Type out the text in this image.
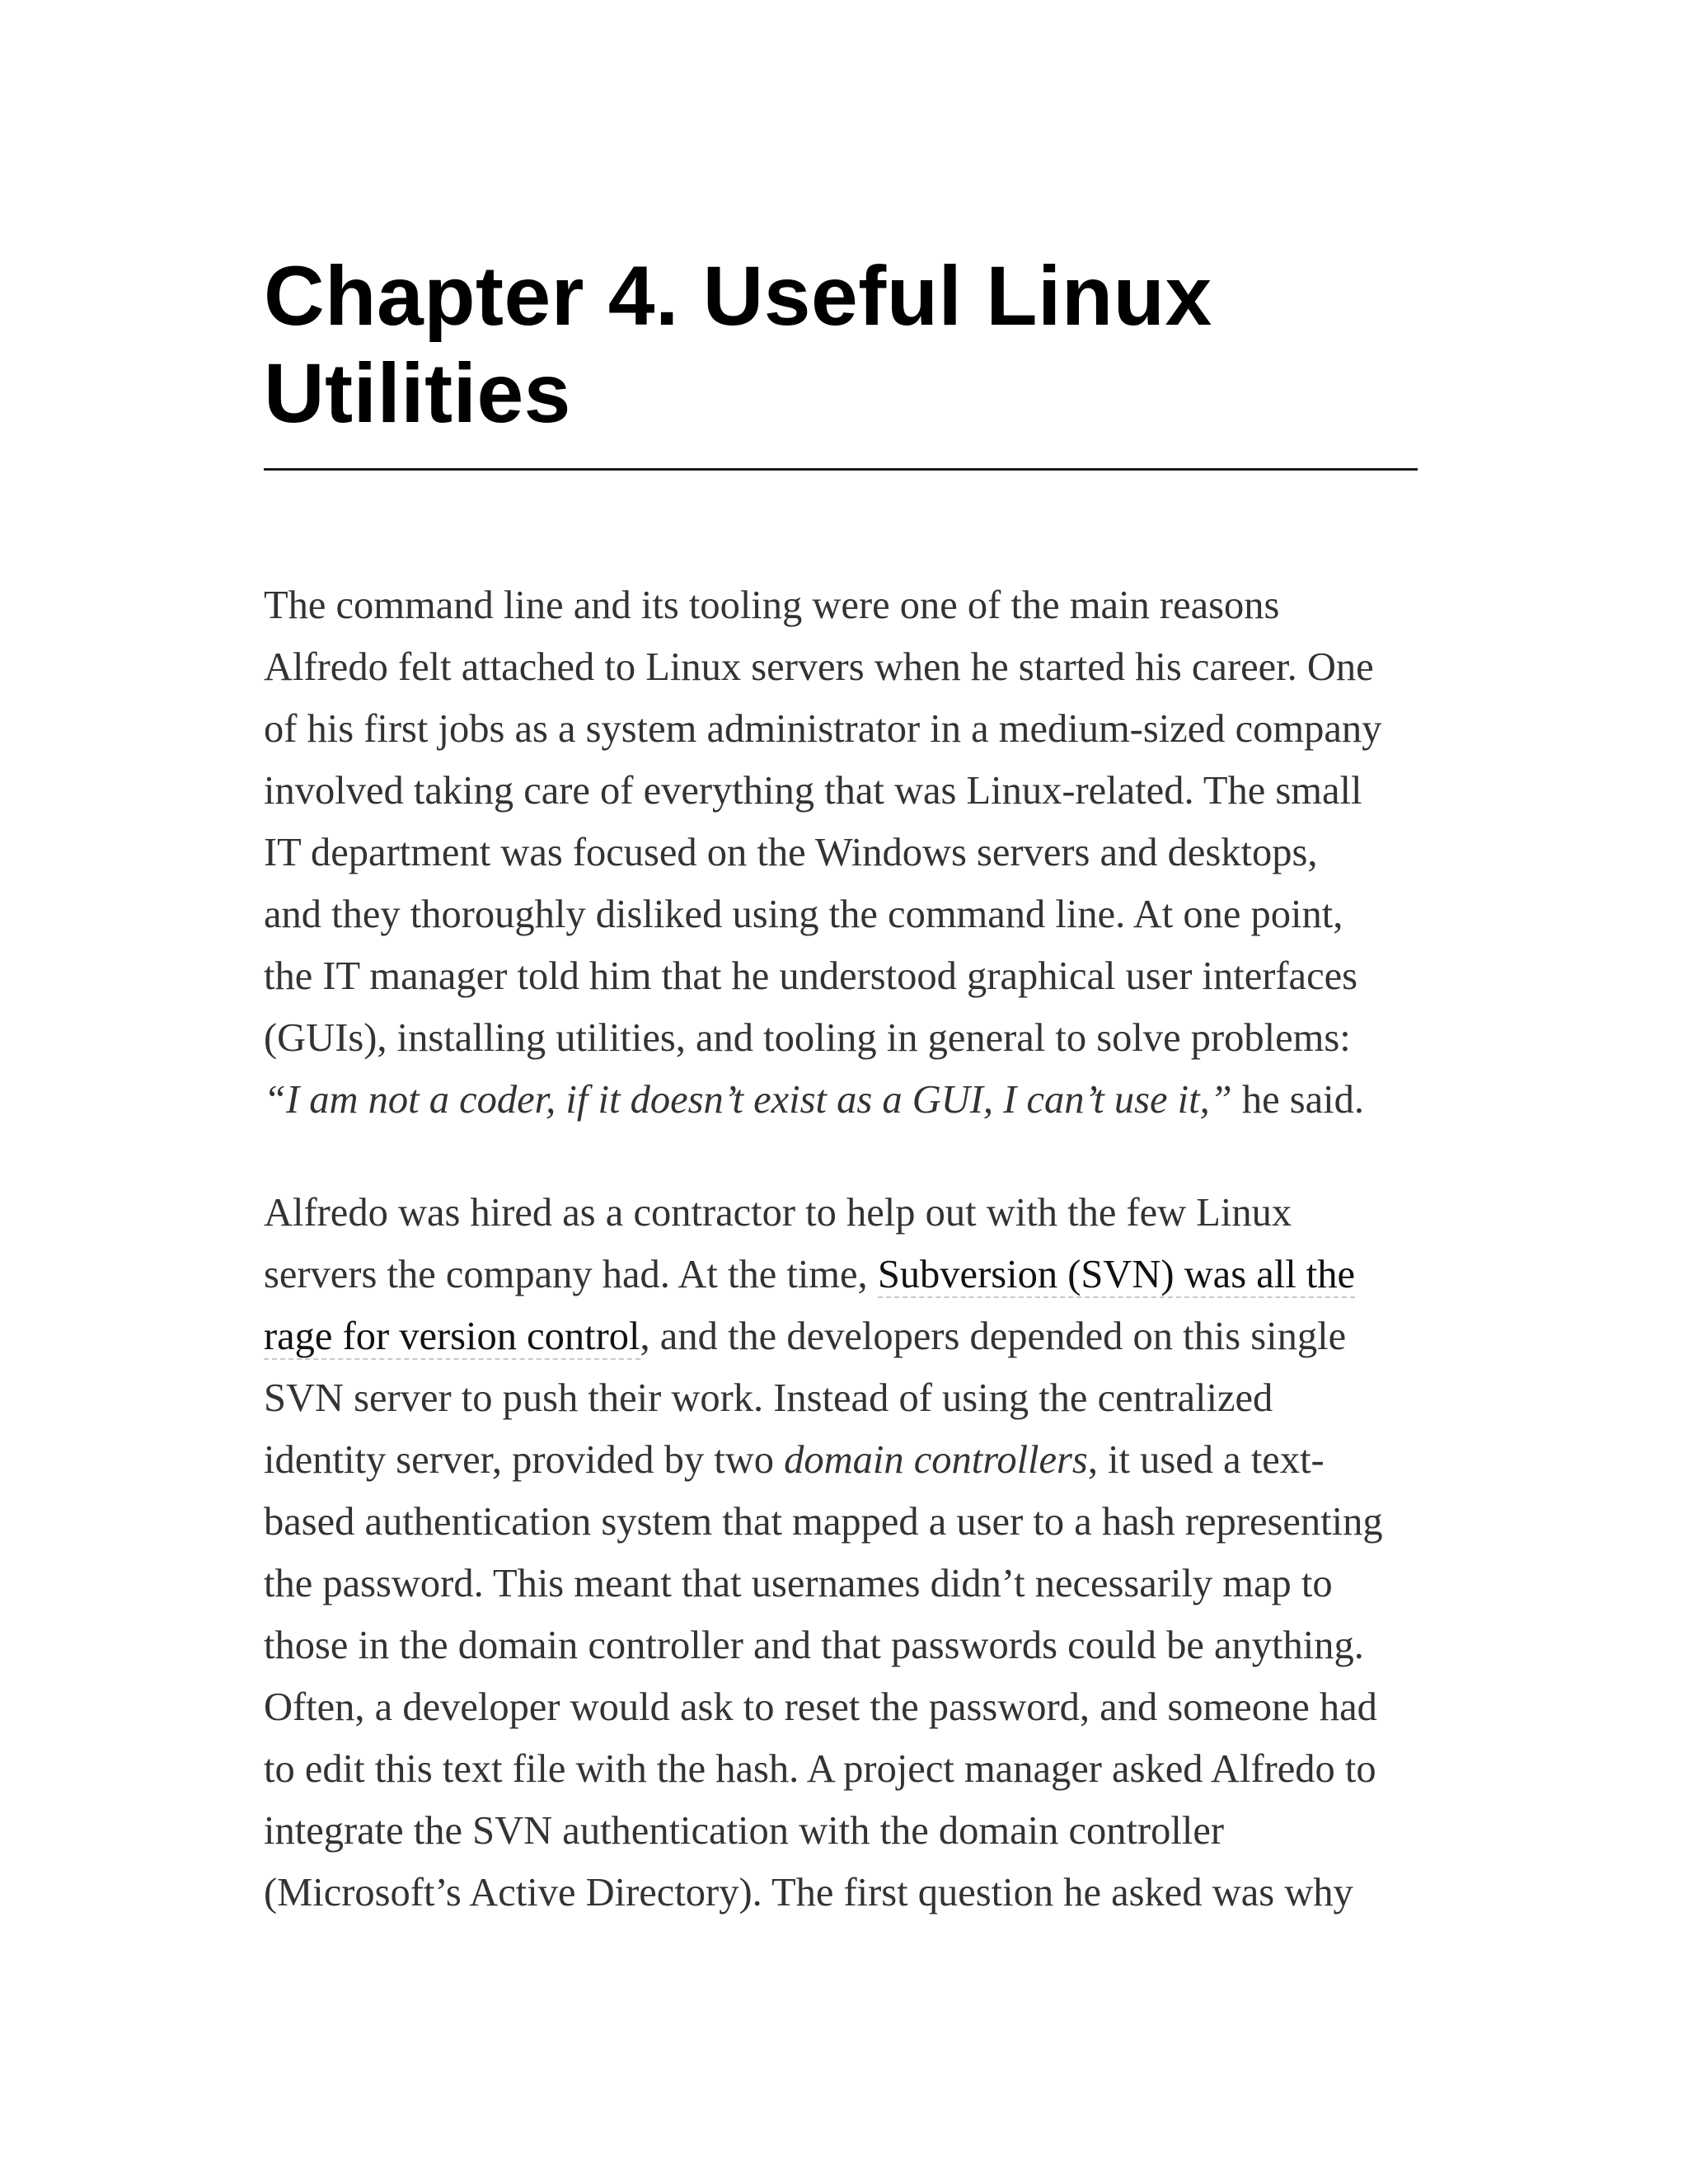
Chapter 4. Useful Linux
Utilities

The command line and its tooling were one of the main reasons
Alfredo felt attached to Linux servers when he started his career. One
of his first jobs as a system administrator in a medium-sized company
involved taking care of everything that was Linux-related. The small
IT department was focused on the Windows servers and desktops,
and they thoroughly disliked using the command line. At one point,
the IT manager told him that he understood graphical user interfaces
(GUIs), installing utilities, and tooling in general to solve problems:
“I am not a coder, if it doesn’t exist as a GUI, I can’t use it,” he said.

Alfredo was hired as a contractor to help out with the few Linux
servers the company had. At the time, Subversion (SVN) was all the
rage for version control, and the developers depended on this single
SVN server to push their work. Instead of using the centralized
identity server, provided by two domain controllers, it used a text-
based authentication system that mapped a user to a hash representing
the password. This meant that usernames didn’t necessarily map to
those in the domain controller and that passwords could be anything.
Often, a developer would ask to reset the password, and someone had
to edit this text file with the hash. A project manager asked Alfredo to
integrate the SVN authentication with the domain controller
(Microsoft’s Active Directory). The first question he asked was why
